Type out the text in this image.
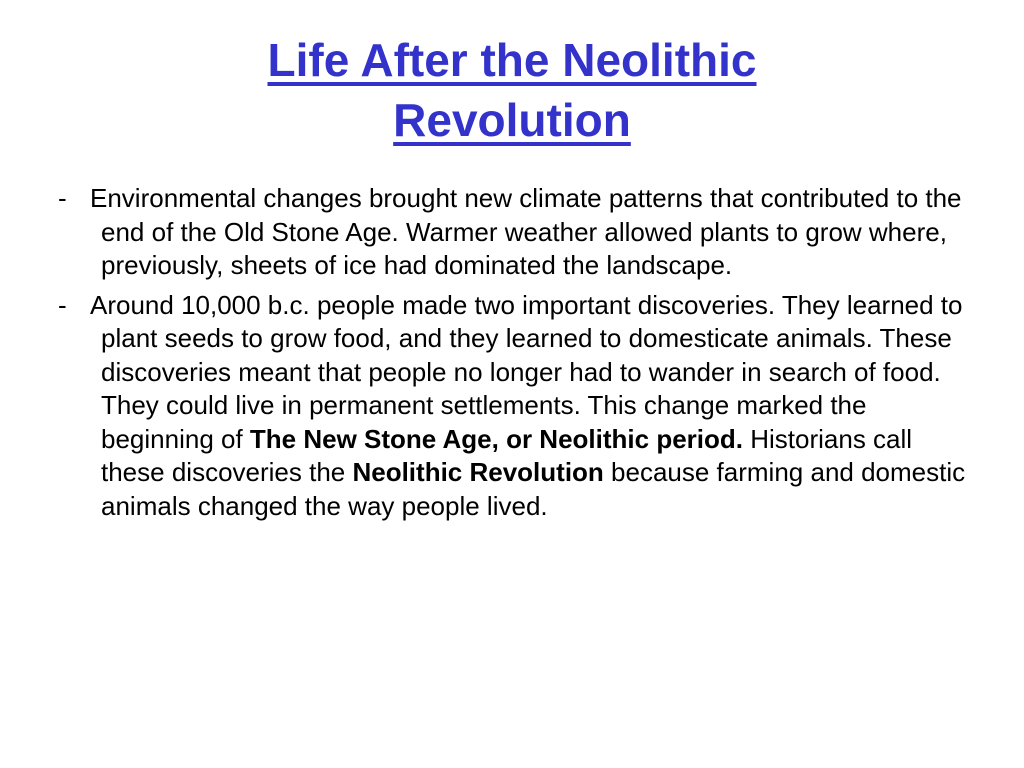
Life After the Neolithic
Revolution
- Environmental changes brought new climate patterns that contributed to the end of the Old Stone Age. Warmer weather allowed plants to grow where, previously, sheets of ice had dominated the landscape.
- Around 10,000 b.c. people made two important discoveries. They learned to plant seeds to grow food, and they learned to domesticate animals. These discoveries meant that people no longer had to wander in search of food. They could live in permanent settlements. This change marked the beginning of The New Stone Age, or Neolithic period. Historians call these discoveries the Neolithic Revolution because farming and domestic animals changed the way people lived.
